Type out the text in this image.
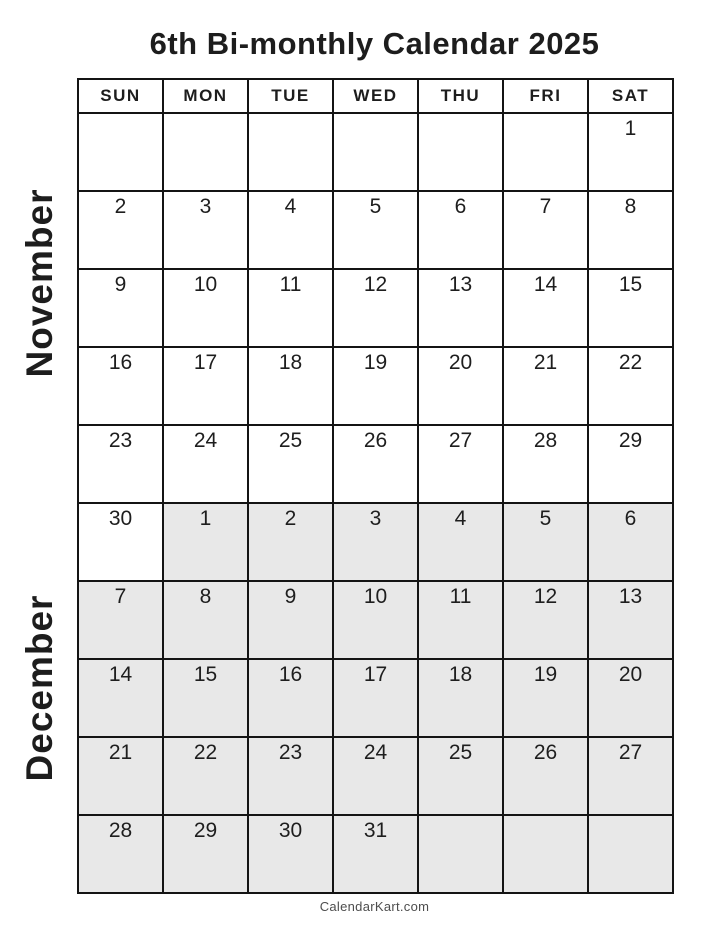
6th Bi-monthly Calendar 2025
November
December
SUN	MON	TUE	WED	THU	FRI	SAT
						1
2	3	4	5	6	7	8
9	10	11	12	13	14	15
16	17	18	19	20	21	22
23	24	25	26	27	28	29
30	1	2	3	4	5	6
7	8	9	10	11	12	13
14	15	16	17	18	19	20
21	22	23	24	25	26	27
28	29	30	31			
CalendarKart.com
